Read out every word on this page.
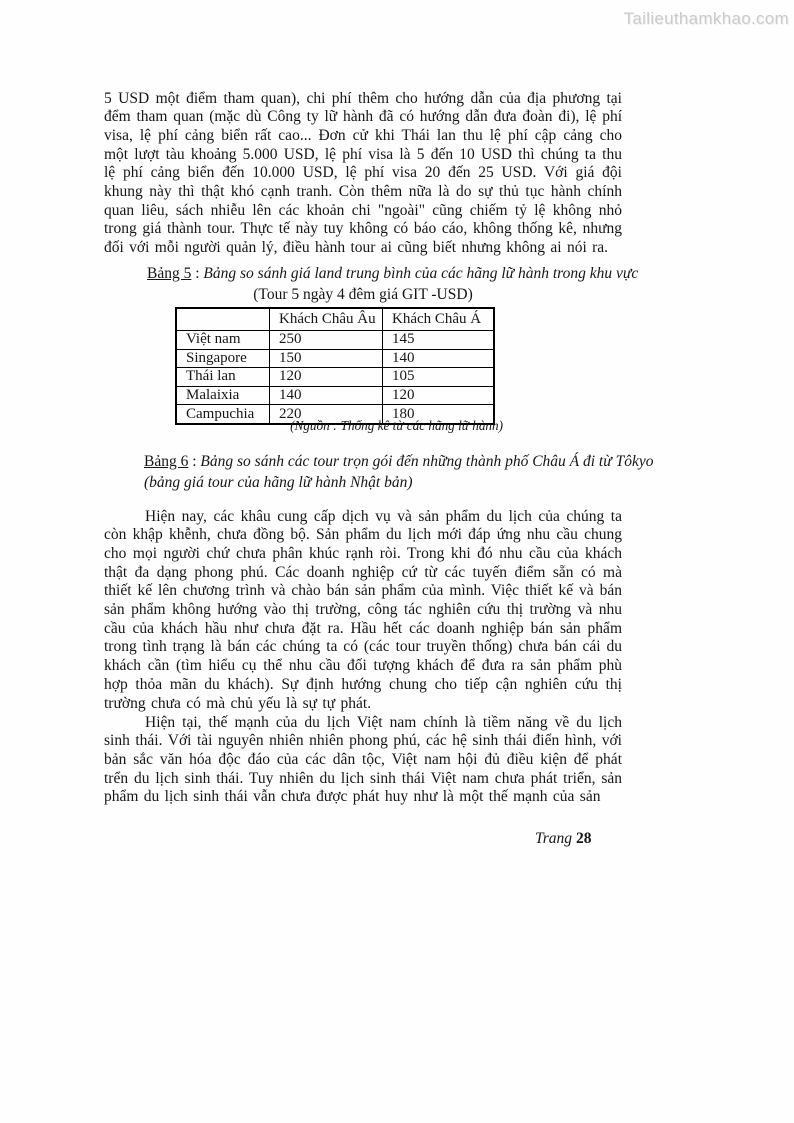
Tailieuthamkhao.com

5 USD một điểm tham quan), chi phí thêm cho hướng dẫn của địa phương tại đểm tham quan (mặc dù Công ty lữ hành đã có hướng dẫn đưa đoàn đi), lệ phí visa, lệ phí cảng biển rất cao... Đơn cử khi Thái lan thu lệ phí cập cảng cho một lượt tàu khoảng 5.000 USD, lệ phí visa là 5 đến 10 USD thì chúng ta thu lệ phí cảng biển đến 10.000 USD, lệ phí visa 20 đến 25 USD. Với giá đội khung này thì thật khó cạnh tranh. Còn thêm nữa là do sự thủ tục hành chính quan liêu, sách nhiễu lên các khoản chi "ngoài" cũng chiếm tỷ lệ không nhỏ trong giá thành tour. Thực tế này tuy không có báo cáo, không thống kê, nhưng đối với mỗi người quản lý, điều hành tour ai cũng biết nhưng không ai nói ra.

Bảng 5 : Bảng so sánh giá land trung bình của các hãng lữ hành trong khu vực
(Tour 5 ngày 4 đêm giá GIT -USD)
	Khách Châu Âu	Khách Châu Á
Việt nam	250	145
Singapore	150	140
Thái lan	120	105
Malaixia	140	120
Campuchia	220	180
(Nguồn : Thống kê từ các hãng lữ hành)
Bảng 6 : Bảng so sánh các tour trọn gói đến những thành phố Châu Á đi từ Tôkyo
(bảng giá tour của hãng lữ hành Nhật bản)

Hiện nay, các khâu cung cấp dịch vụ và sản phẩm du lịch của chúng ta còn khập khễnh, chưa đồng bộ. Sản phẩm du lịch mới đáp ứng nhu cầu chung cho mọi người chứ chưa phân khúc rạnh ròi. Trong khi đó nhu cầu của khách thật đa dạng phong phú. Các doanh nghiệp cứ từ các tuyến điểm sẵn có mà thiết kế lên chương trình và chào bán sản phẩm của mình. Việc thiết kế và bán sản phẩm không hướng vào thị trường, công tác nghiên cứu thị trường và nhu cầu của khách hầu như chưa đặt ra. Hầu hết các doanh nghiệp bán sản phẩm trong tình trạng là bán các chúng ta có (các tour truyền thống) chưa bán cái du khách cần (tìm hiểu cụ thể nhu cầu đối tượng khách để đưa ra sản phẩm phù hợp thỏa mãn du khách). Sự định hướng chung cho tiếp cận nghiên cứu thị trường chưa có mà chủ yếu là sự tự phát.

Hiện tại, thế mạnh của du lịch Việt nam chính là tiềm năng về du lịch sinh thái. Với tài nguyên nhiên nhiên phong phú, các hệ sinh thái điển hình, với bản sắc văn hóa độc đáo của các dân tộc, Việt nam hội đủ điều kiện để phát trển du lịch sinh thái. Tuy nhiên du lịch sinh thái Việt nam chưa phát triển, sản phẩm du lịch sinh thái vẫn chưa được phát huy như là một thế mạnh của sản

Trang 28
